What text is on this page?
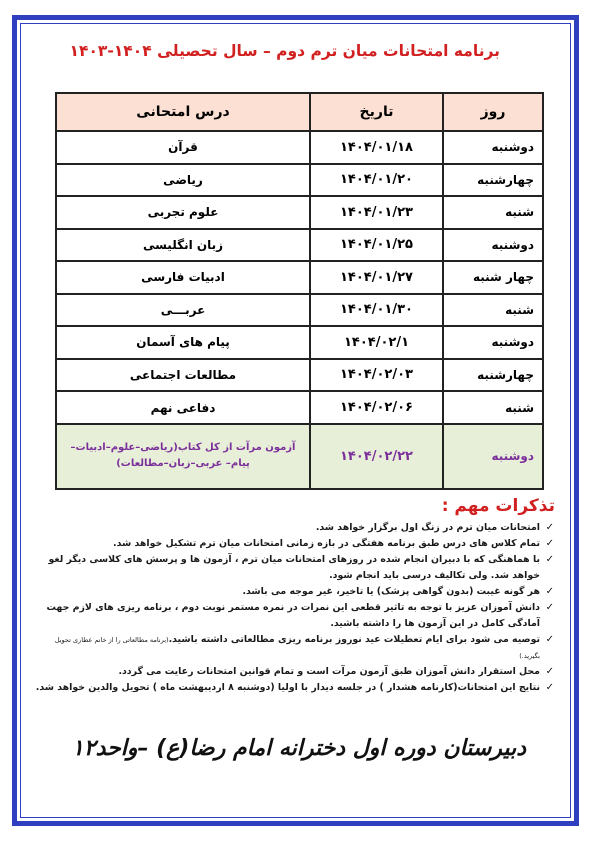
برنامه امتحانات میان ترم دوم – سال تحصیلی ۱۴۰۴-۱۴۰۳
روز	تاریخ	درس امتحانی
دوشنبه	۱۴۰۴/۰۱/۱۸	قرآن
چهارشنبه	۱۴۰۴/۰۱/۲۰	ریاضی
شنبه	۱۴۰۴/۰۱/۲۳	علوم تجربی
دوشنبه	۱۴۰۴/۰۱/۲۵	زبان انگلیسی
چهار شنبه	۱۴۰۴/۰۱/۲۷	ادبیات فارسی
شنبه	۱۴۰۴/۰۱/۳۰	عربـــی
دوشنبه	۱۴۰۴/۰۲/۱	پیام های آسمان
چهارشنبه	۱۴۰۴/۰۲/۰۳	مطالعات اجتماعی
شنبه	۱۴۰۴/۰۲/۰۶	دفاعی نهم
دوشنبه	۱۴۰۴/۰۲/۲۲	آزمون مرآت از کل کتاب(ریاضی–علوم–ادبیات–پیام– عربی–زبان–مطالعات)
تذکرات مهم :
✓
امتحانات میان ترم در زنگ اول برگزار خواهد شد.
✓
تمام کلاس های درس طبق برنامه هفتگی در بازه زمانی امتحانات میان ترم تشکیل خواهد شد.
✓
با هماهنگی که با دبیران انجام شده در روزهای امتحانات میان ترم ، آزمون ها و پرسش های کلاسی دیگر لغو خواهد شد. ولی تکالیف درسی باید انجام شود.
✓
هر گونه غیبت (بدون گواهی پزشک) یا تاخیر، غیر موجه می باشد.
✓
دانش آموزان عزیز با توجه به تاثیر قطعی این نمرات در نمره مستمر نوبت دوم ، برنامه ریزی های لازم جهت آمادگی کامل در این آزمون ها را داشته باشید.
✓
توصیه می شود برای ایام تعطیلات عید نوروز برنامه ریزی مطالعاتی داشته باشید.(برنامه مطالعاتی را از خانم عطاری تحویل بگیرید.)
✓
محل استقرار دانش آموزان طبق آزمون مرآت است و تمام قوانین امتحانات رعایت می گردد.
✓
نتایج این امتحانات(کارنامه هشدار ) در جلسه دیدار با اولیا (دوشنبه ۸ اردیبهشت ماه ) تحویل والدین خواهد شد.
دبیرستان دوره اول دخترانه امام رضا(ع) –واحد۱۲
